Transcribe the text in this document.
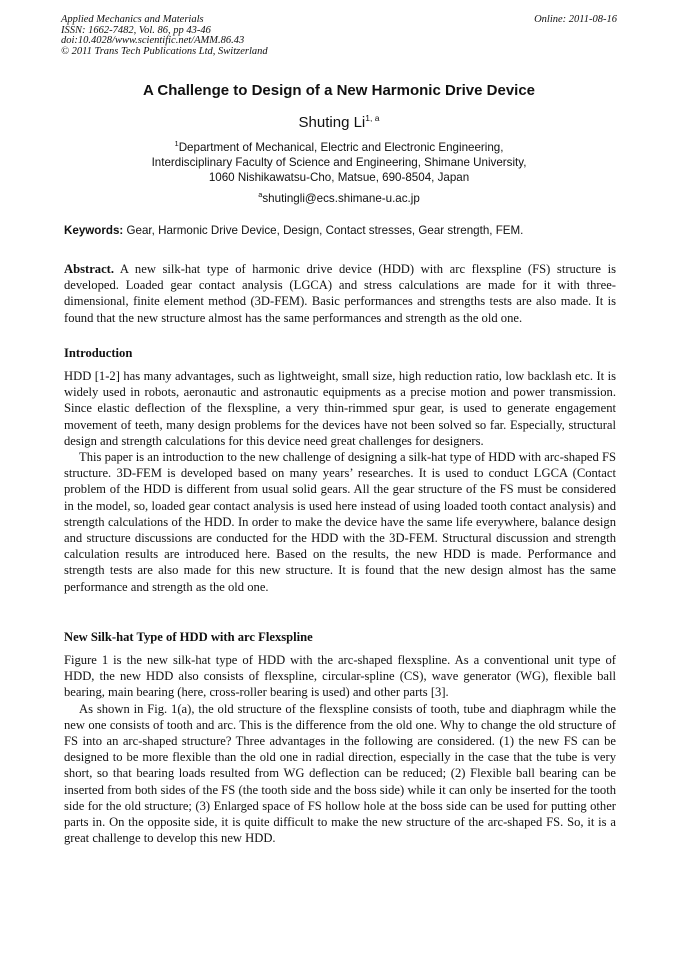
Applied Mechanics and Materials
ISSN: 1662-7482, Vol. 86, pp 43-46
doi:10.4028/www.scientific.net/AMM.86.43
© 2011 Trans Tech Publications Ltd, Switzerland
Online: 2011-08-16
A Challenge to Design of a New Harmonic Drive Device
Shuting Li$^{1, a}$
$^1$Department of Mechanical, Electric and Electronic Engineering,
Interdisciplinary Faculty of Science and Engineering, Shimane University,
1060 Nishikawatsu-Cho, Matsue, 690-8504, Japan
$^a$shutingli@ecs.shimane-u.ac.jp
Keywords: Gear, Harmonic Drive Device, Design, Contact stresses, Gear strength, FEM.

Abstract. A new silk-hat type of harmonic drive device (HDD) with arc flexspline (FS) structure is developed. Loaded gear contact analysis (LGCA) and stress calculations are made for it with three-dimensional, finite element method (3D-FEM). Basic performances and strengths tests are also made. It is found that the new structure almost has the same performances and strength as the old one.

Introduction

HDD [1-2] has many advantages, such as lightweight, small size, high reduction ratio, low backlash etc. It is widely used in robots, aeronautic and astronautic equipments as a precise motion and power transmission. Since elastic deflection of the flexspline, a very thin-rimmed spur gear, is used to generate engagement movement of teeth, many design problems for the devices have not been solved so far. Especially, structural design and strength calculations for this device need great challenges for designers.

This paper is an introduction to the new challenge of designing a silk-hat type of HDD with arc-shaped FS structure. 3D-FEM is developed based on many years’ researches. It is used to conduct LGCA (Contact problem of the HDD is different from usual solid gears. All the gear structure of the FS must be considered in the model, so, loaded gear contact analysis is used here instead of using loaded tooth contact analysis) and strength calculations of the HDD. In order to make the device have the same life everywhere, balance design and structure discussions are conducted for the HDD with the 3D-FEM. Structural discussion and strength calculation results are introduced here. Based on the results, the new HDD is made. Performance and strength tests are also made for this new structure. It is found that the new design almost has the same performance and strength as the old one.

New Silk-hat Type of HDD with arc Flexspline

Figure 1 is the new silk-hat type of HDD with the arc-shaped flexspline. As a conventional unit type of HDD, the new HDD also consists of flexspline, circular-spline (CS), wave generator (WG), flexible ball bearing, main bearing (here, cross-roller bearing is used) and other parts [3].

As shown in Fig. 1(a), the old structure of the flexspline consists of tooth, tube and diaphragm while the new one consists of tooth and arc. This is the difference from the old one. Why to change the old structure of FS into an arc-shaped structure? Three advantages in the following are considered. (1) the new FS can be designed to be more flexible than the old one in radial direction, especially in the case that the tube is very short, so that bearing loads resulted from WG deflection can be reduced; (2) Flexible ball bearing can be inserted from both sides of the FS (the tooth side and the boss side) while it can only be inserted for the tooth side for the old structure; (3) Enlarged space of FS hollow hole at the boss side can be used for putting other parts in. On the opposite side, it is quite difficult to make the new structure of the arc-shaped FS. So, it is a great challenge to develop this new HDD.
